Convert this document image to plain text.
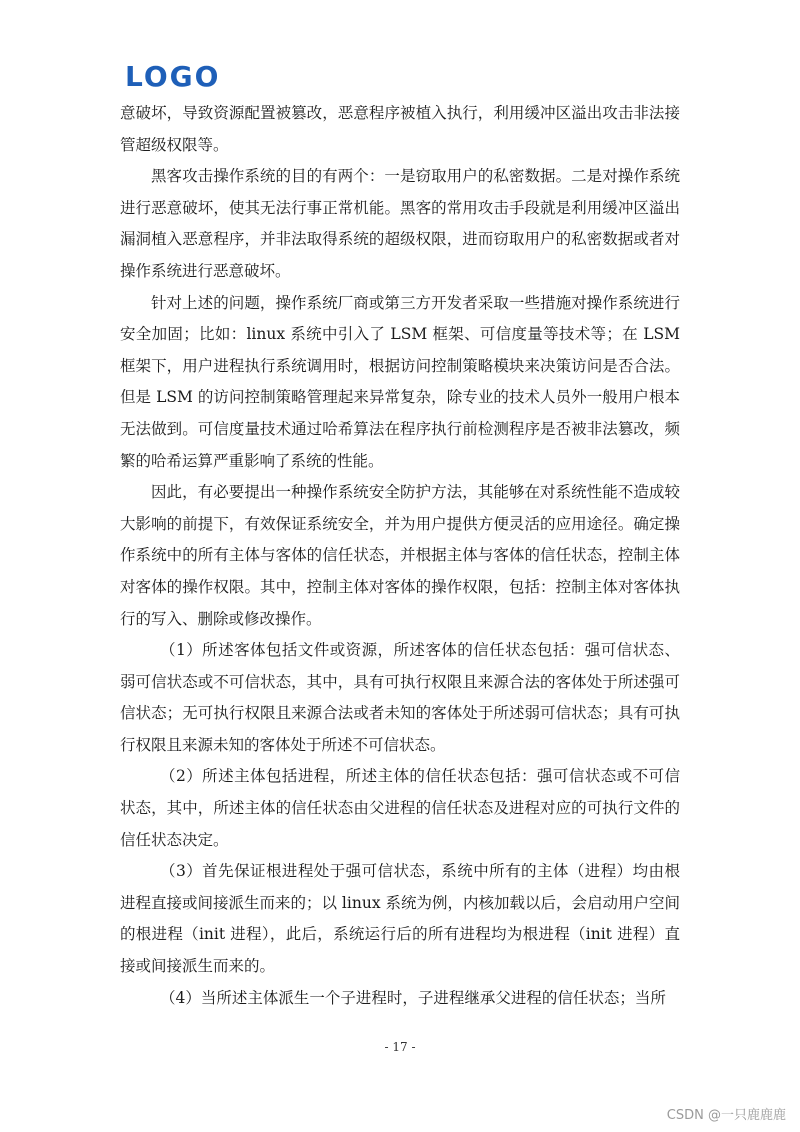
LOGO

意破坏，导致资源配置被篡改，恶意程序被植入执行，利用缓冲区溢出攻击非法接管超级权限等。

黑客攻击操作系统的目的有两个：一是窃取用户的私密数据。二是对操作系统进行恶意破坏，使其无法行事正常机能。黑客的常用攻击手段就是利用缓冲区溢出漏洞植入恶意程序，并非法取得系统的超级权限，进而窃取用户的私密数据或者对操作系统进行恶意破坏。

针对上述的问题，操作系统厂商或第三方开发者采取一些措施对操作系统进行安全加固；比如：linux 系统中引入了 LSM 框架、可信度量等技术等；在 LSM 框架下，用户进程执行系统调用时，根据访问控制策略模块来决策访问是否合法。但是 LSM 的访问控制策略管理起来异常复杂，除专业的技术人员外一般用户根本无法做到。可信度量技术通过哈希算法在程序执行前检测程序是否被非法篡改，频繁的哈希运算严重影响了系统的性能。

因此，有必要提出一种操作系统安全防护方法，其能够在对系统性能不造成较大影响的前提下，有效保证系统安全，并为用户提供方便灵活的应用途径。确定操作系统中的所有主体与客体的信任状态，并根据主体与客体的信任状态，控制主体对客体的操作权限。其中，控制主体对客体的操作权限，包括：控制主体对客体执行的写入、删除或修改操作。

（1）所述客体包括文件或资源，所述客体的信任状态包括：强可信状态、弱可信状态或不可信状态，其中，具有可执行权限且来源合法的客体处于所述强可信状态；无可执行权限且来源合法或者未知的客体处于所述弱可信状态；具有可执行权限且来源未知的客体处于所述不可信状态。

（2）所述主体包括进程，所述主体的信任状态包括：强可信状态或不可信状态，其中，所述主体的信任状态由父进程的信任状态及进程对应的可执行文件的信任状态决定。

（3）首先保证根进程处于强可信状态，系统中所有的主体（进程）均由根进程直接或间接派生而来的；以 linux 系统为例，内核加载以后，会启动用户空间的根进程（init 进程），此后，系统运行后的所有进程均为根进程（init 进程）直接或间接派生而来的。

（4）当所述主体派生一个子进程时，子进程继承父进程的信任状态；当所

- 17 -
CSDN @一只鹿鹿鹿
